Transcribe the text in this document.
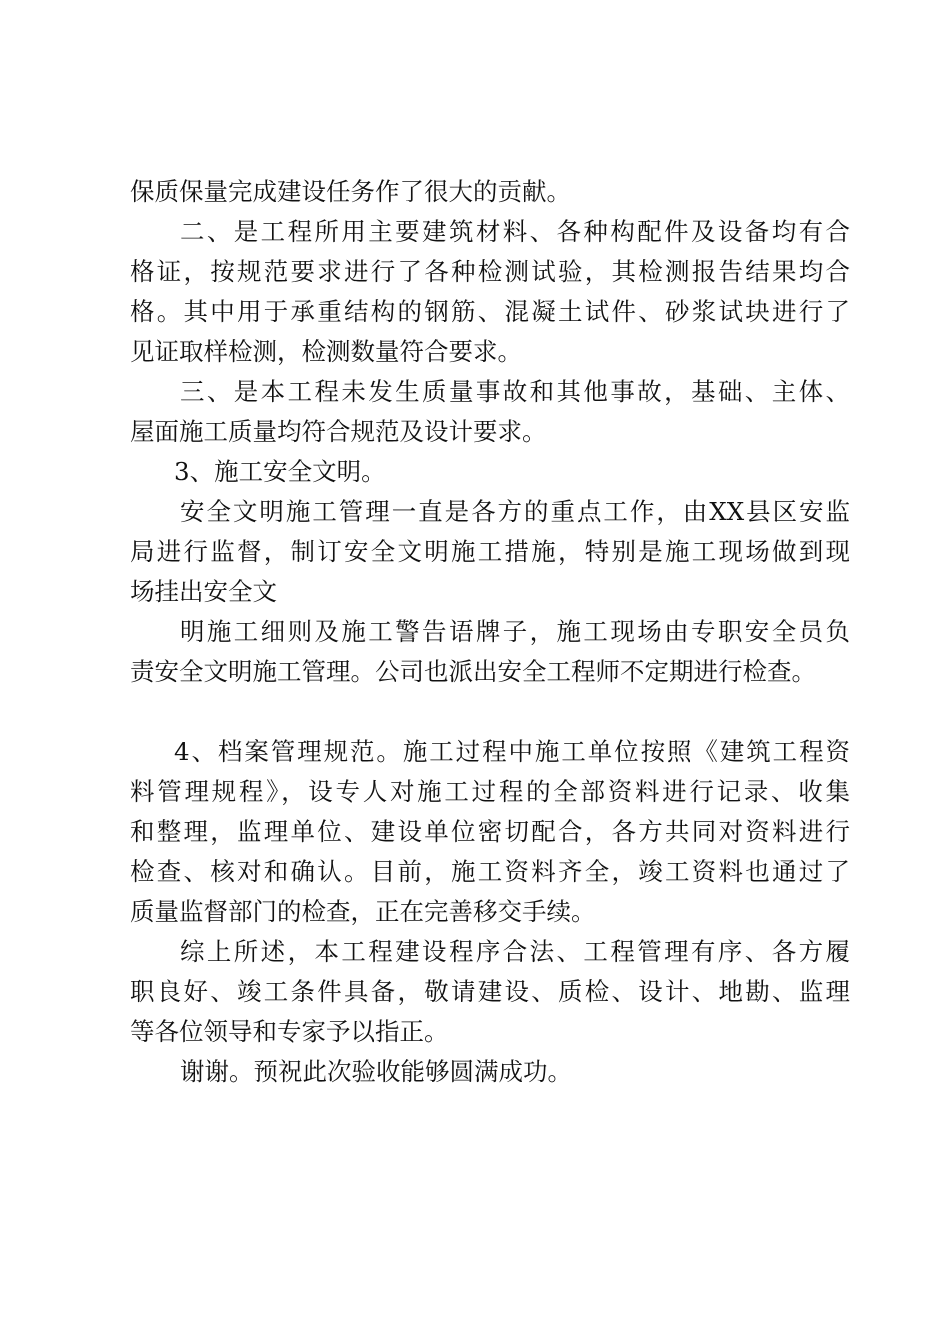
保质保量完成建设任务作了很大的贡献。
二、是工程所用主要建筑材料、各种构配件及设备均有合
格证，按规范要求进行了各种检测试验，其检测报告结果均合
格。其中用于承重结构的钢筋、混凝土试件、砂浆试块进行了
见证取样检测，检测数量符合要求。
三、是本工程未发生质量事故和其他事故，基础、主体、
屋面施工质量均符合规范及设计要求。
3、施工安全文明。
安全文明施工管理一直是各方的重点工作，由XX县区安监
局进行监督，制订安全文明施工措施，特别是施工现场做到现
场挂出安全文
明施工细则及施工警告语牌子，施工现场由专职安全员负
责安全文明施工管理。公司也派出安全工程师不定期进行检查。
4、档案管理规范。施工过程中施工单位按照《建筑工程资
料管理规程》，设专人对施工过程的全部资料进行记录、收集
和整理，监理单位、建设单位密切配合，各方共同对资料进行
检查、核对和确认。目前，施工资料齐全，竣工资料也通过了
质量监督部门的检查，正在完善移交手续。
综上所述，本工程建设程序合法、工程管理有序、各方履
职良好、竣工条件具备，敬请建设、质检、设计、地勘、监理
等各位领导和专家予以指正。
谢谢。预祝此次验收能够圆满成功。
